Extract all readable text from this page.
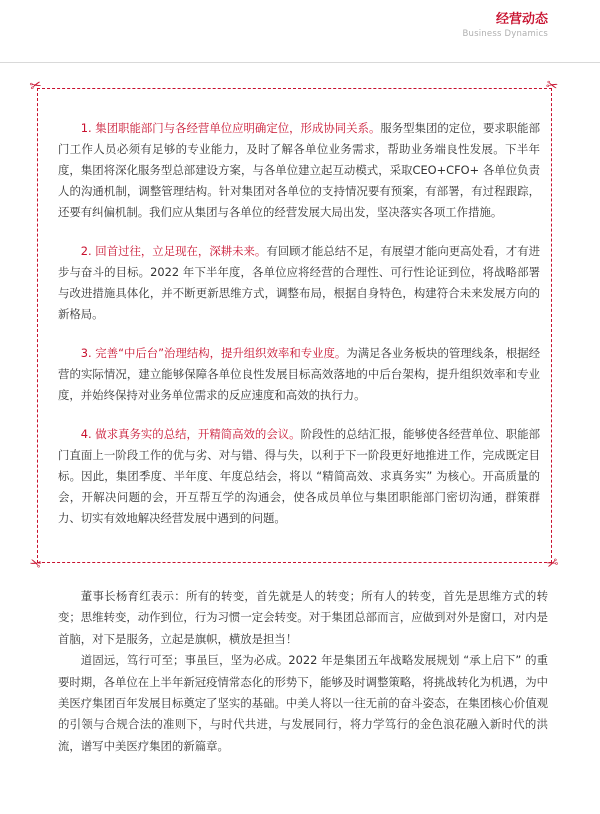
经营动态
Business Dynamics
✂	✂
✂	✂

1. 集团职能部门与各经营单位应明确定位，形成协同关系。服务型集团的定位，要求职能部门工作人员必须有足够的专业能力，及时了解各单位业务需求，帮助业务端良性发展。下半年度，集团将深化服务型总部建设方案，与各单位建立起互动模式，采取CEO+CFO+ 各单位负责人的沟通机制，调整管理结构。针对集团对各单位的支持情况要有预案，有部署，有过程跟踪，还要有纠偏机制。我们应从集团与各单位的经营发展大局出发，坚决落实各项工作措施。

2. 回首过往，立足现在，深耕未来。有回顾才能总结不足，有展望才能向更高处看，才有进步与奋斗的目标。2022 年下半年度，各单位应将经营的合理性、可行性论证到位，将战略部署与改进措施具体化，并不断更新思维方式，调整布局，根据自身特色，构建符合未来发展方向的新格局。

3. 完善“中后台”治理结构，提升组织效率和专业度。为满足各业务板块的管理线条，根据经营的实际情况，建立能够保障各单位良性发展目标高效落地的中后台架构，提升组织效率和专业度，并始终保持对业务单位需求的反应速度和高效的执行力。

4. 做求真务实的总结，开精简高效的会议。阶段性的总结汇报，能够使各经营单位、职能部门直面上一阶段工作的优与劣、对与错、得与失，以利于下一阶段更好地推进工作，完成既定目标。因此，集团季度、半年度、年度总结会，将以 “精简高效、求真务实” 为核心。开高质量的会，开解决问题的会，开互帮互学的沟通会，使各成员单位与集团职能部门密切沟通，群策群力、切实有效地解决经营发展中遇到的问题。

董事长杨育红表示：所有的转变，首先就是人的转变；所有人的转变，首先是思维方式的转变；思维转变，动作到位，行为习惯一定会转变。对于集团总部而言，应做到对外是窗口，对内是首脑，对下是服务，立起是旗帜，横放是担当！

道固远，笃行可至；事虽巨，坚为必成。2022 年是集团五年战略发展规划 “承上启下” 的重要时期，各单位在上半年新冠疫情常态化的形势下，能够及时调整策略，将挑战转化为机遇，为中美医疗集团百年发展目标奠定了坚实的基础。中美人将以一往无前的奋斗姿态，在集团核心价值观的引领与合规合法的准则下，与时代共进，与发展同行，将力学笃行的金色浪花融入新时代的洪流，谱写中美医疗集团的新篇章。
